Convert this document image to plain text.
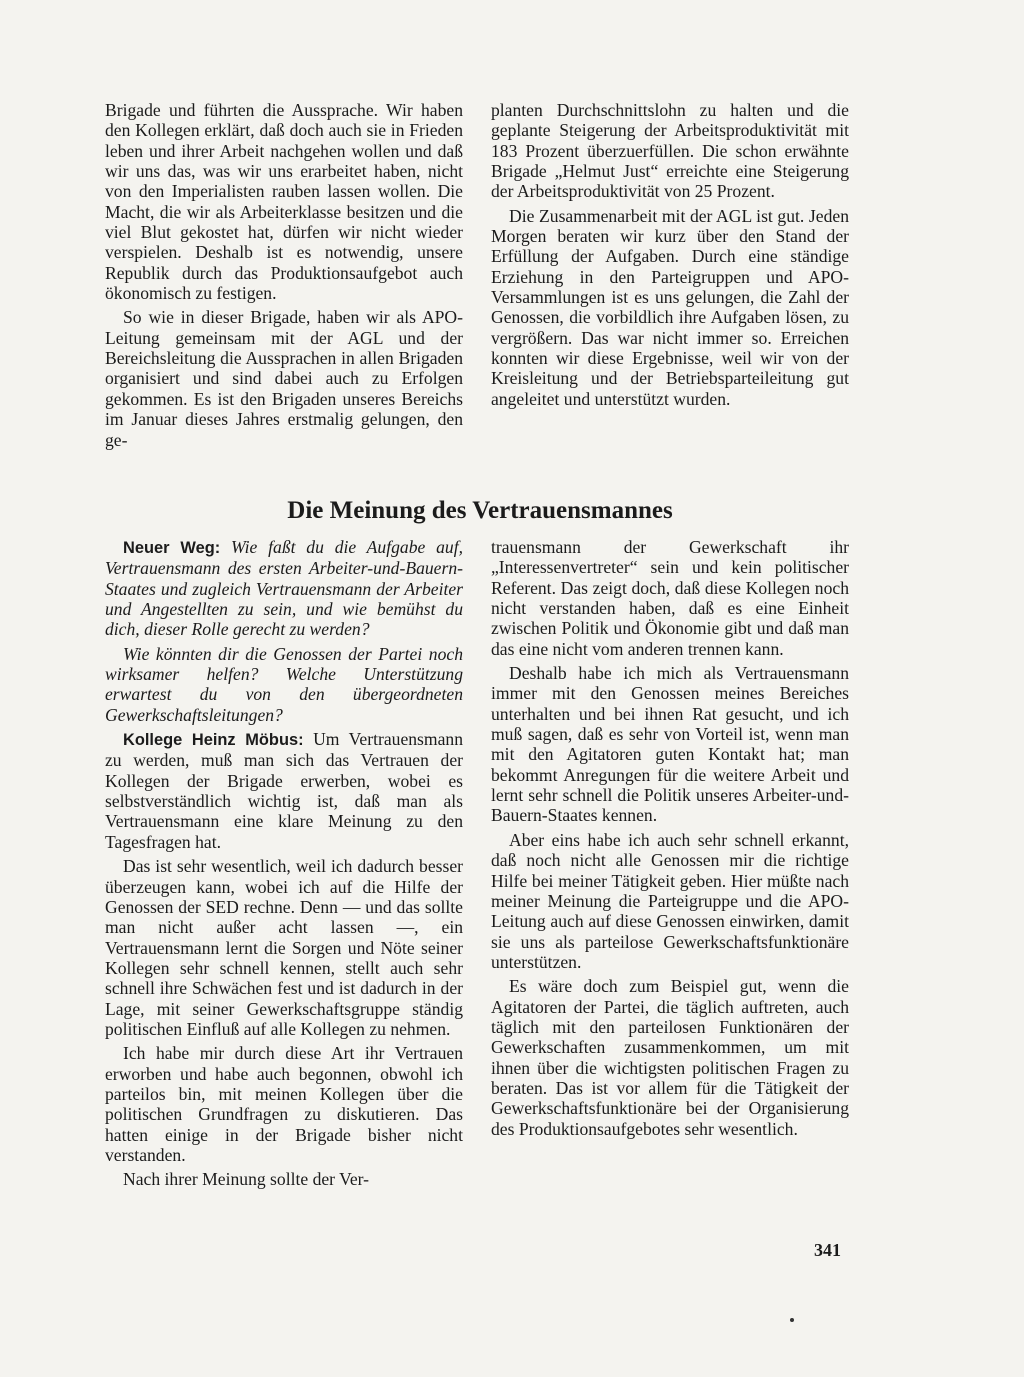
Brigade und führten die Aussprache. Wir haben den Kollegen erklärt, daß doch auch sie in Frieden leben und ihrer Arbeit nachgehen wollen und daß wir uns das, was wir uns erarbeitet haben, nicht von den Imperialisten rauben lassen wollen. Die Macht, die wir als Arbeiterklasse besitzen und die viel Blut gekostet hat, dürfen wir nicht wieder verspielen. Deshalb ist es notwendig, unsere Republik durch das Produktionsaufgebot auch ökonomisch zu festigen.

So wie in dieser Brigade, haben wir als APO-Leitung gemeinsam mit der AGL und der Bereichsleitung die Aussprachen in allen Brigaden organisiert und sind dabei auch zu Erfolgen gekommen. Es ist den Brigaden unseres Bereichs im Januar dieses Jahres erstmalig gelungen, den ge-

planten Durchschnittslohn zu halten und die geplante Steigerung der Arbeitsproduktivität mit 183 Prozent überzuerfüllen. Die schon erwähnte Brigade „Helmut Just“ erreichte eine Steigerung der Arbeitsproduktivität von 25 Prozent.

Die Zusammenarbeit mit der AGL ist gut. Jeden Morgen beraten wir kurz über den Stand der Erfüllung der Aufgaben. Durch eine ständige Erziehung in den Parteigruppen und APO-Versammlungen ist es uns gelungen, die Zahl der Genossen, die vorbildlich ihre Aufgaben lösen, zu vergrößern. Das war nicht immer so. Erreichen konnten wir diese Ergebnisse, weil wir von der Kreisleitung und der Betriebsparteileitung gut angeleitet und unterstützt wurden.

Die Meinung des Vertrauensmannes

Neuer Weg: Wie faßt du die Aufgabe auf, Vertrauensmann des ersten Arbeiter-und-Bauern-Staates und zugleich Vertrauensmann der Arbeiter und Angestellten zu sein, und wie bemühst du dich, dieser Rolle gerecht zu werden?

Wie könnten dir die Genossen der Partei noch wirksamer helfen? Welche Unterstützung erwartest du von den übergeordneten Gewerkschaftsleitungen?

Kollege Heinz Möbus: Um Vertrauensmann zu werden, muß man sich das Vertrauen der Kollegen der Brigade erwerben, wobei es selbstverständlich wichtig ist, daß man als Vertrauensmann eine klare Meinung zu den Tagesfragen hat.

Das ist sehr wesentlich, weil ich dadurch besser überzeugen kann, wobei ich auf die Hilfe der Genossen der SED rechne. Denn — und das sollte man nicht außer acht lassen —, ein Vertrauensmann lernt die Sorgen und Nöte seiner Kollegen sehr schnell kennen, stellt auch sehr schnell ihre Schwächen fest und ist dadurch in der Lage, mit seiner Gewerkschaftsgruppe ständig politischen Einfluß auf alle Kollegen zu nehmen.

Ich habe mir durch diese Art ihr Vertrauen erworben und habe auch begonnen, obwohl ich parteilos bin, mit meinen Kollegen über die politischen Grundfragen zu diskutieren. Das hatten einige in der Brigade bisher nicht verstanden.

Nach ihrer Meinung sollte der Ver-

trauensmann der Gewerkschaft ihr „Interessenvertreter“ sein und kein politischer Referent. Das zeigt doch, daß diese Kollegen noch nicht verstanden haben, daß es eine Einheit zwischen Politik und Ökonomie gibt und daß man das eine nicht vom anderen trennen kann.

Deshalb habe ich mich als Vertrauensmann immer mit den Genossen meines Bereiches unterhalten und bei ihnen Rat gesucht, und ich muß sagen, daß es sehr von Vorteil ist, wenn man mit den Agitatoren guten Kontakt hat; man bekommt Anregungen für die weitere Arbeit und lernt sehr schnell die Politik unseres Arbeiter-und-Bauern-Staates kennen.

Aber eins habe ich auch sehr schnell erkannt, daß noch nicht alle Genossen mir die richtige Hilfe bei meiner Tätigkeit geben. Hier müßte nach meiner Meinung die Parteigruppe und die APO-Leitung auch auf diese Genossen einwirken, damit sie uns als parteilose Gewerkschaftsfunktionäre unterstützen.

Es wäre doch zum Beispiel gut, wenn die Agitatoren der Partei, die täglich auftreten, auch täglich mit den parteilosen Funktionären der Gewerkschaften zusammenkommen, um mit ihnen über die wichtigsten politischen Fragen zu beraten. Das ist vor allem für die Tätigkeit der Gewerkschaftsfunktionäre bei der Organisierung des Produktionsaufgebotes sehr wesentlich.

341
